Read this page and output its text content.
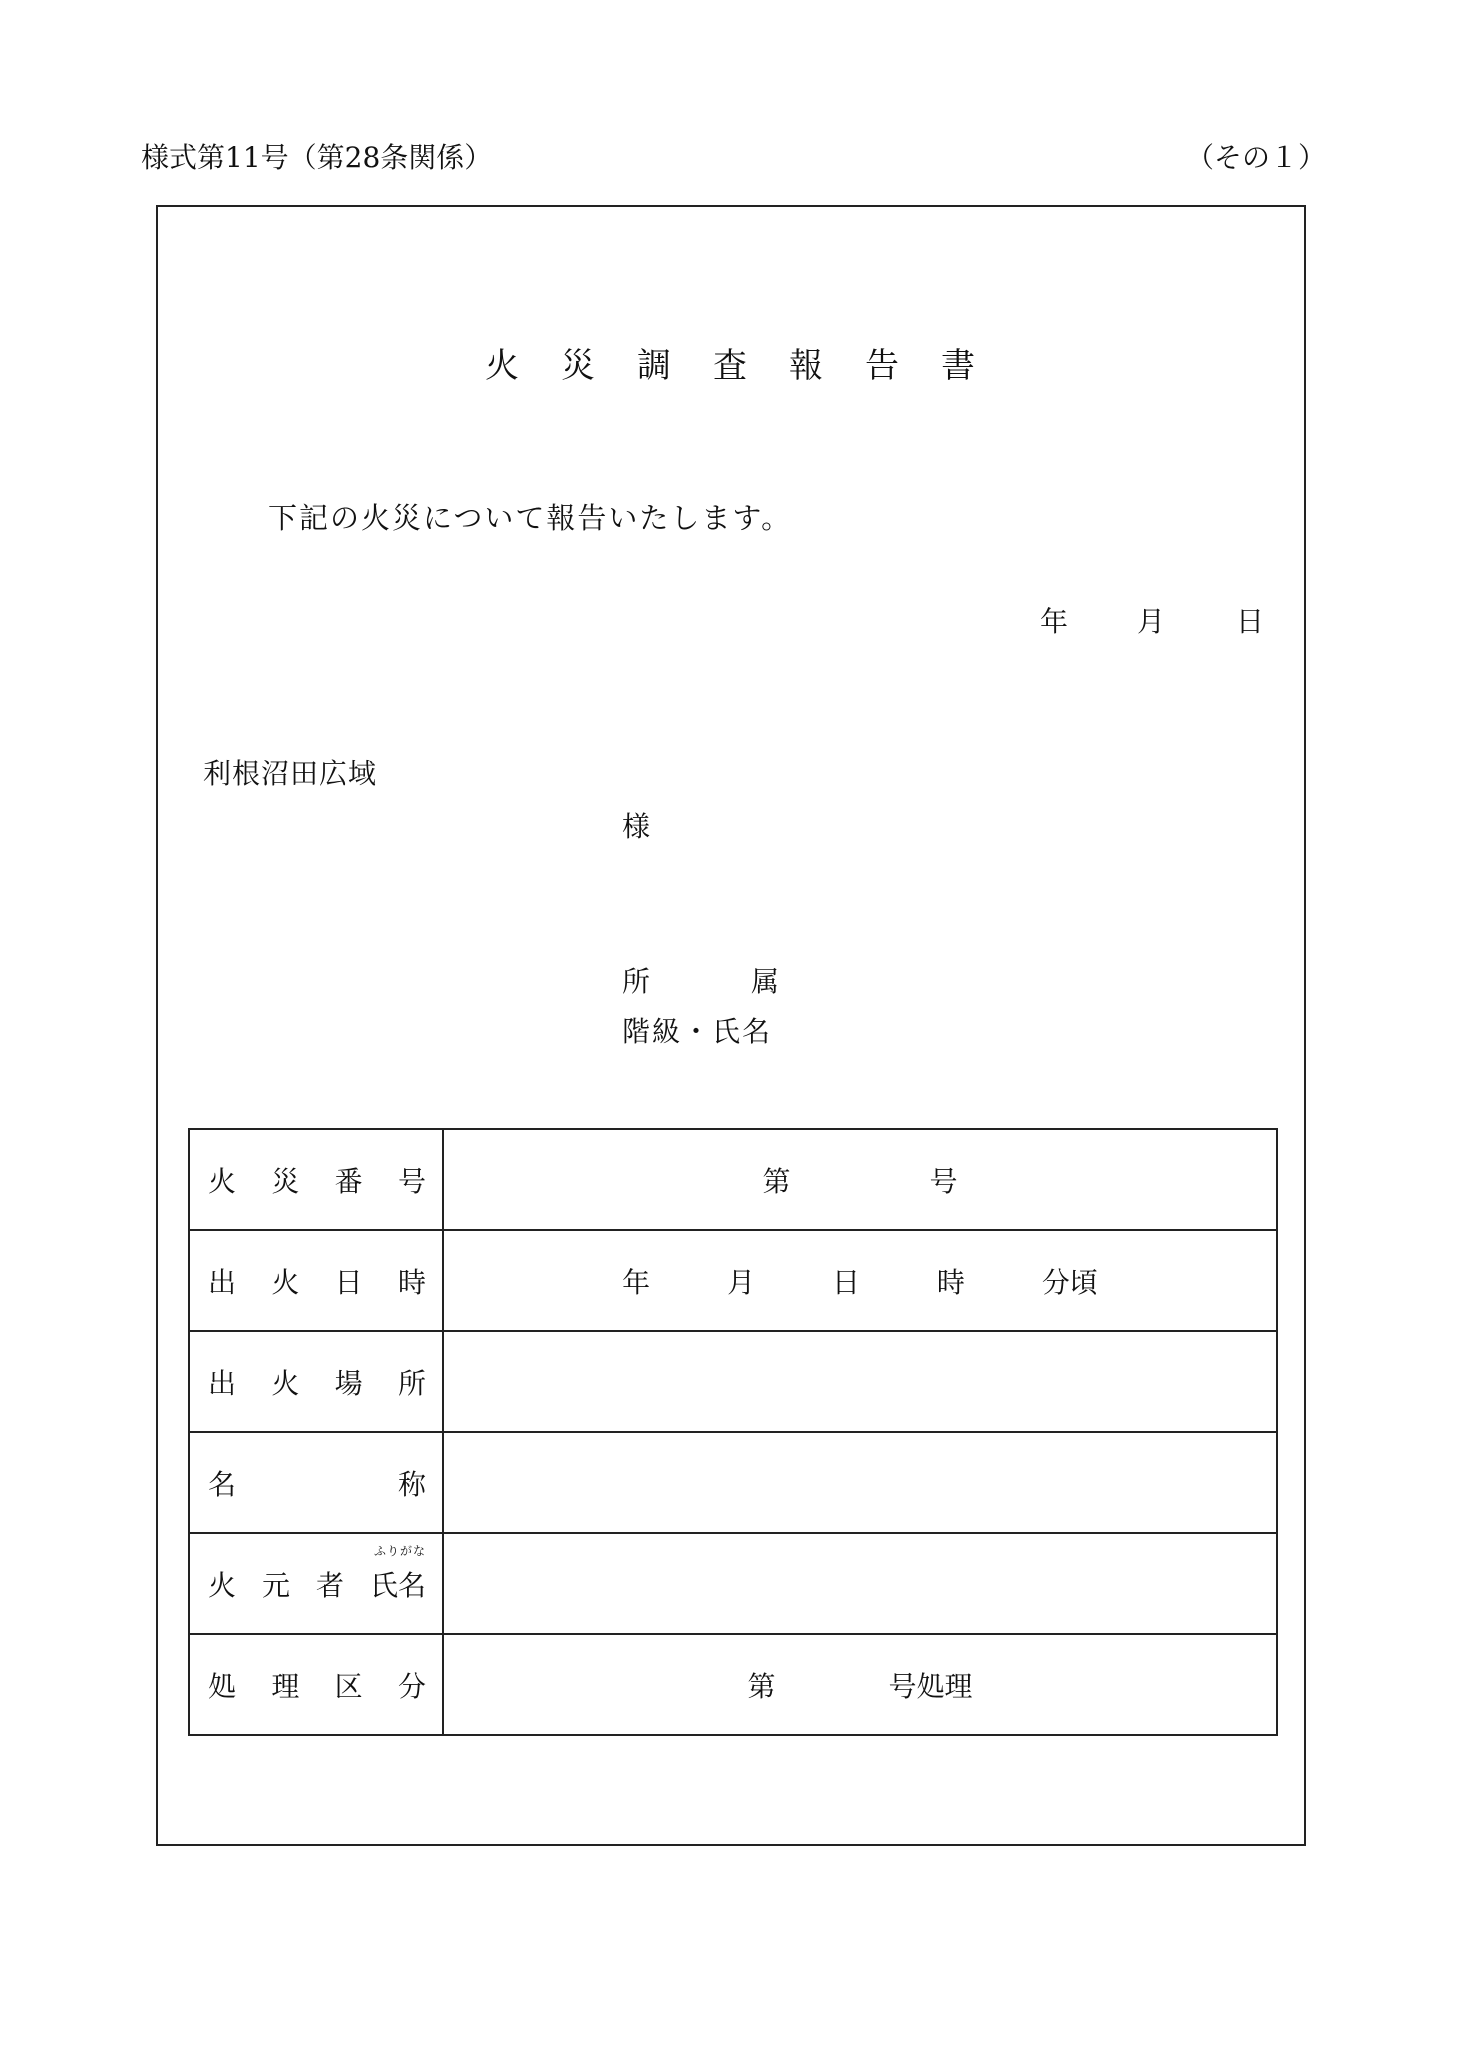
様式第11号（第28条関係）	（その１）
火災調査報告書
下記の火災について報告いたします。
年 月	日
利根沼田広域
様
所	属
階級・氏名
火 災 番 号	第 号

出 火 日 時	年 月 日 時 分頃

出 火 場 所	

名 称	

火 元 者
ふりがな
氏名	

処 理 区 分	第 号処理
